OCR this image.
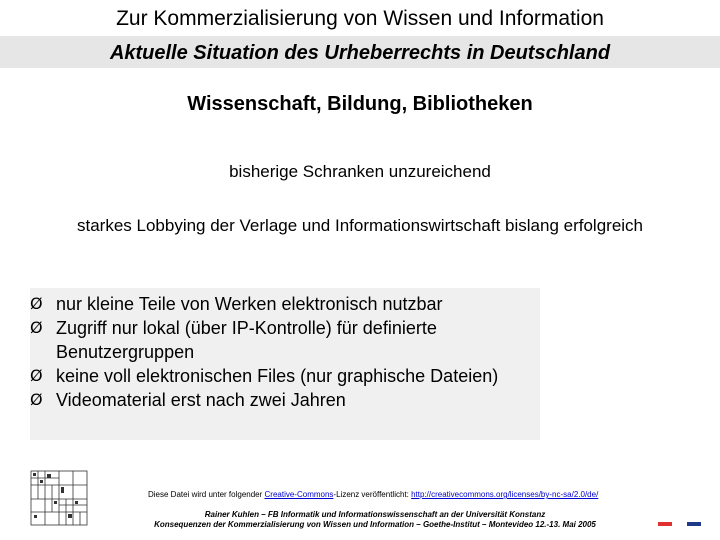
Zur Kommerzialisierung von Wissen und Information
Aktuelle Situation des Urheberrechts in Deutschland
Wissenschaft, Bildung, Bibliotheken
bisherige Schranken unzureichend
starkes Lobbying der Verlage und Informationswirtschaft bislang erfolgreich
Ø nur kleine Teile von Werken elektronisch nutzbar
Ø Zugriff nur lokal (über IP-Kontrolle) für definierte Benutzergruppen
Ø keine voll elektronischen Files (nur graphische Dateien)
Ø Videomaterial erst nach zwei Jahren
Diese Datei wird unter folgender Creative-Commons-Lizenz veröffentlicht: http://creativecommons.org/licenses/by-nc-sa/2.0/de/
Rainer Kuhlen – FB Informatik und Informationswissenschaft an der Universität Konstanz
Konsequenzen der Kommerzialisierung von Wissen und Information – Goethe-Institut – Montevideo 12.-13. Mai 2005
